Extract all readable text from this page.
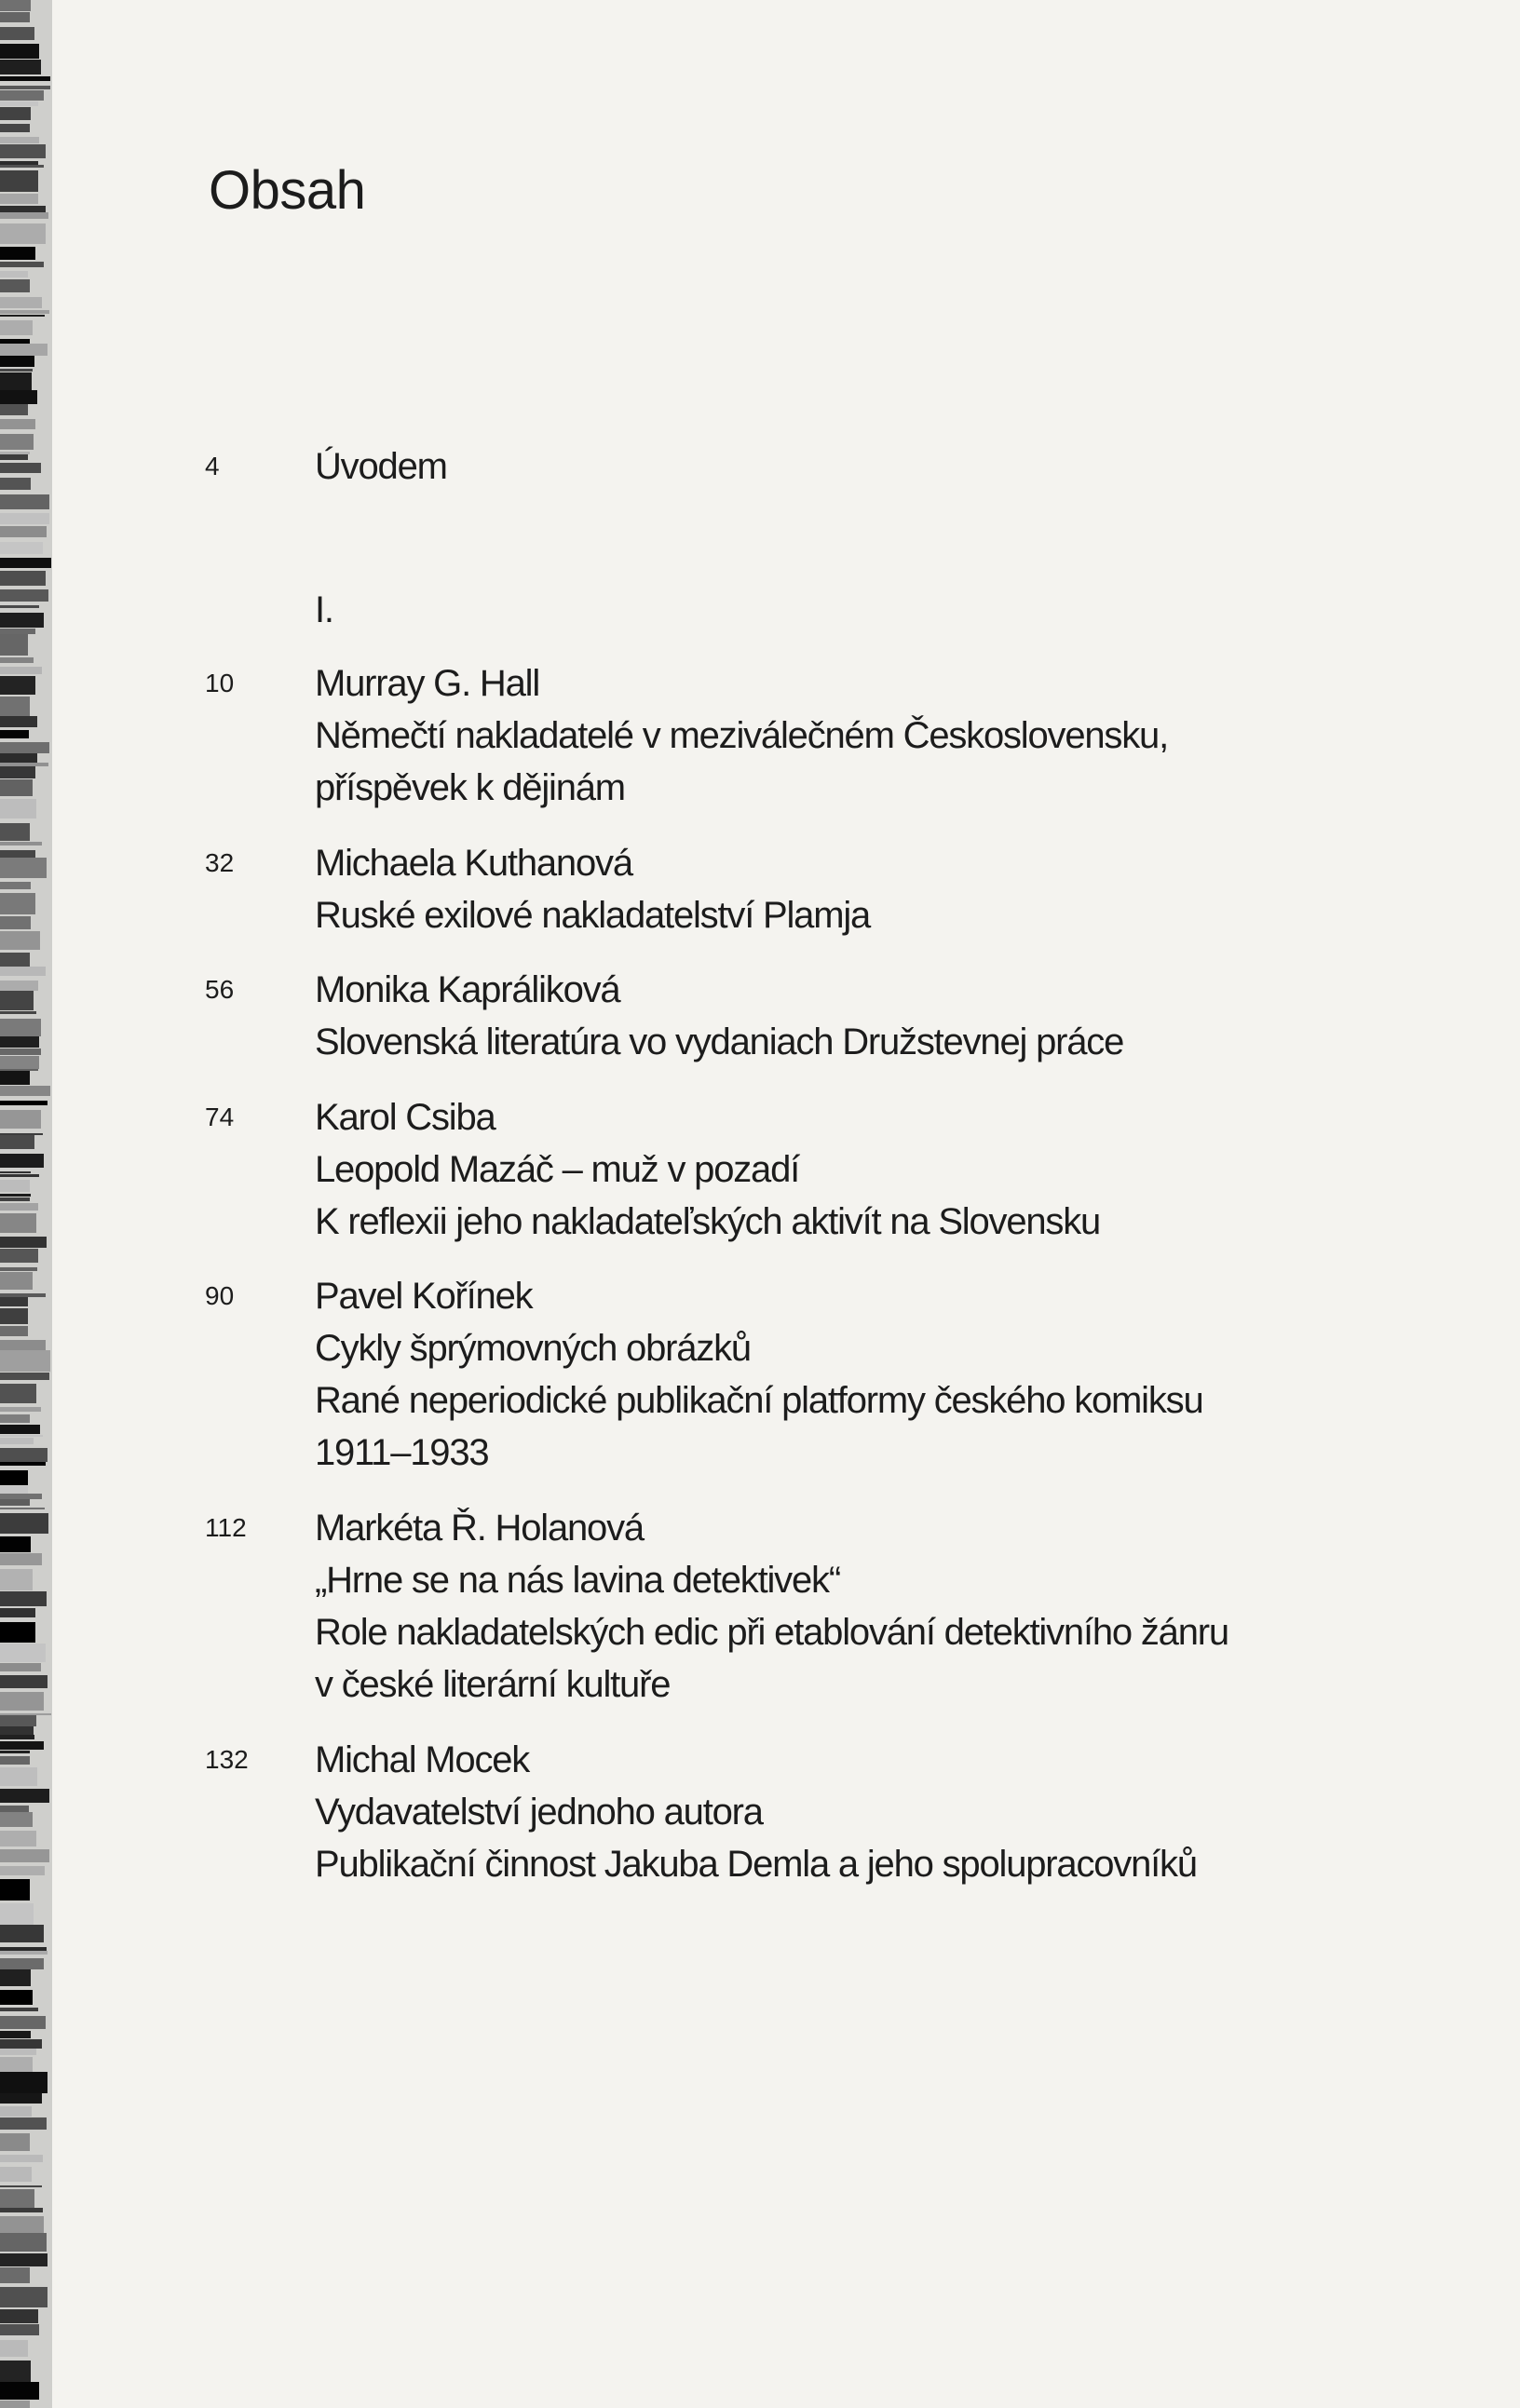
Obsah
4	Úvodem
I.
10 Murray G. Hall
Němečtí nakladatelé v meziválečném Československu,
příspěvek k dějinám
32 Michaela Kuthanová
Ruské exilové nakladatelství Plamja
56 Monika Kapráliková
Slovenská literatúra vo vydaniach Družstevnej práce
74 Karol Csiba
Leopold Mazáč – muž v pozadí
K reflexii jeho nakladateľských aktivít na Slovensku
90 Pavel Kořínek
Cykly šprýmovných obrázků
Rané neperiodické publikační platformy českého komiksu
1911–1933
112 Markéta Ř. Holanová
„Hrne se na nás lavina detektivek“
Role nakladatelských edic při etablování detektivního žánru
v české literární kultuře
132 Michal Mocek
Vydavatelství jednoho autora
Publikační činnost Jakuba Demla a jeho spolupracovníků
